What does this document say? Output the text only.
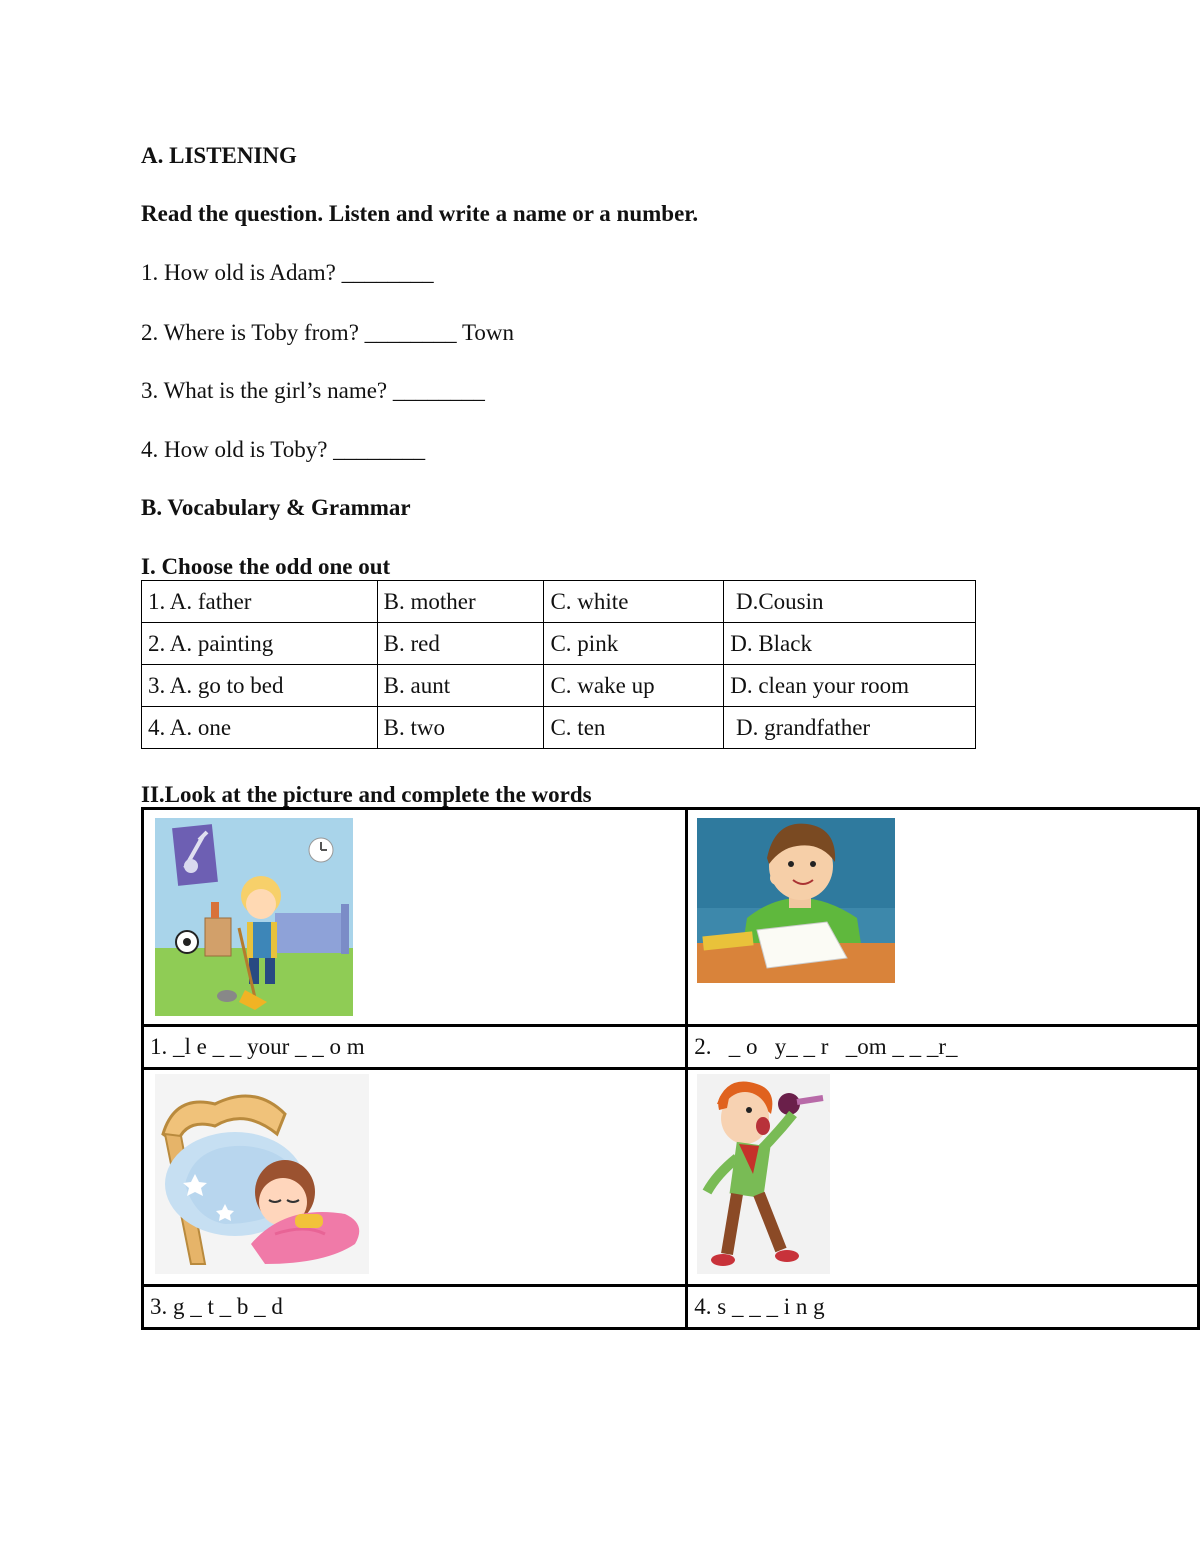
A. LISTENING
Read the question. Listen and write a name or a number.
1. How old is Adam? ________
2. Where is Toby from? ________ Town
3. What is the girl’s name? ________
4. How old is Toby? ________
B. Vocabulary & Grammar
I. Choose the odd one out
1. A. father	B. mother	C. white	D.Cousin
2. A. painting	B. red	C. pink	D. Black
3. A. go to bed	B. aunt	C. wake up	D. clean your room
4. A. one	B. two	C. ten	D. grandfather
II.Look at the picture and complete the words

1. _l e _ _ your _ _ o m	2.   _ o   y_ _ r   _om _ _ _r_

3. g _ t _ b _ d	4. s _ _ _ i n g
